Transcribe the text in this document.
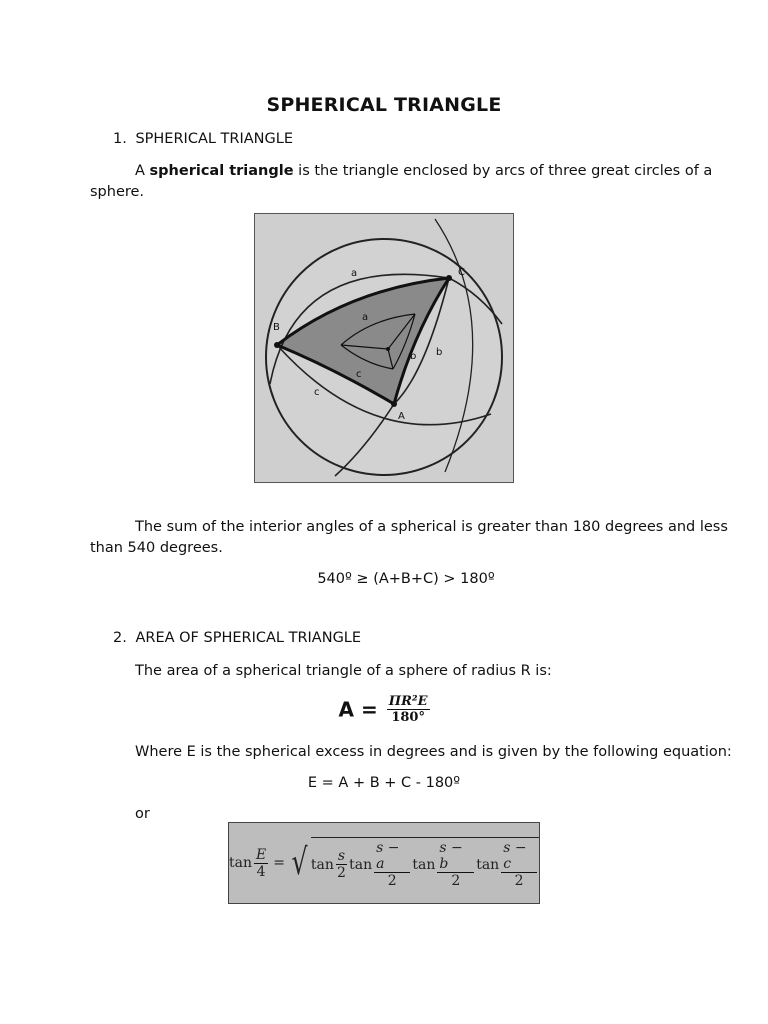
SPHERICAL TRIANGLE
1. SPHERICAL TRIANGLE
A spherical triangle is the triangle enclosed by arcs of three great circles of a
sphere.
a
a
b b
c
c
A
B
C
The sum of the interior angles of a spherical is greater than 180 degrees and less
than 540 degrees.
540º ≥ (A+B+C) > 180º
2. AREA OF SPHERICAL TRIANGLE
The area of a spherical triangle of a sphere of radius R is:
$A = \frac{\text{ΠR²E}}{180^\circ}$
Where E is the spherical excess in degrees and is given by the following equation:
E = A + B + C - 180º
or
$\tan \frac{E}{4}$ = √ $\tan \frac{s}{2}$ $\tan \frac{s - a}{2}$ $\tan \frac{s - b}{2}$ $\tan \frac{s - c}{2}$
